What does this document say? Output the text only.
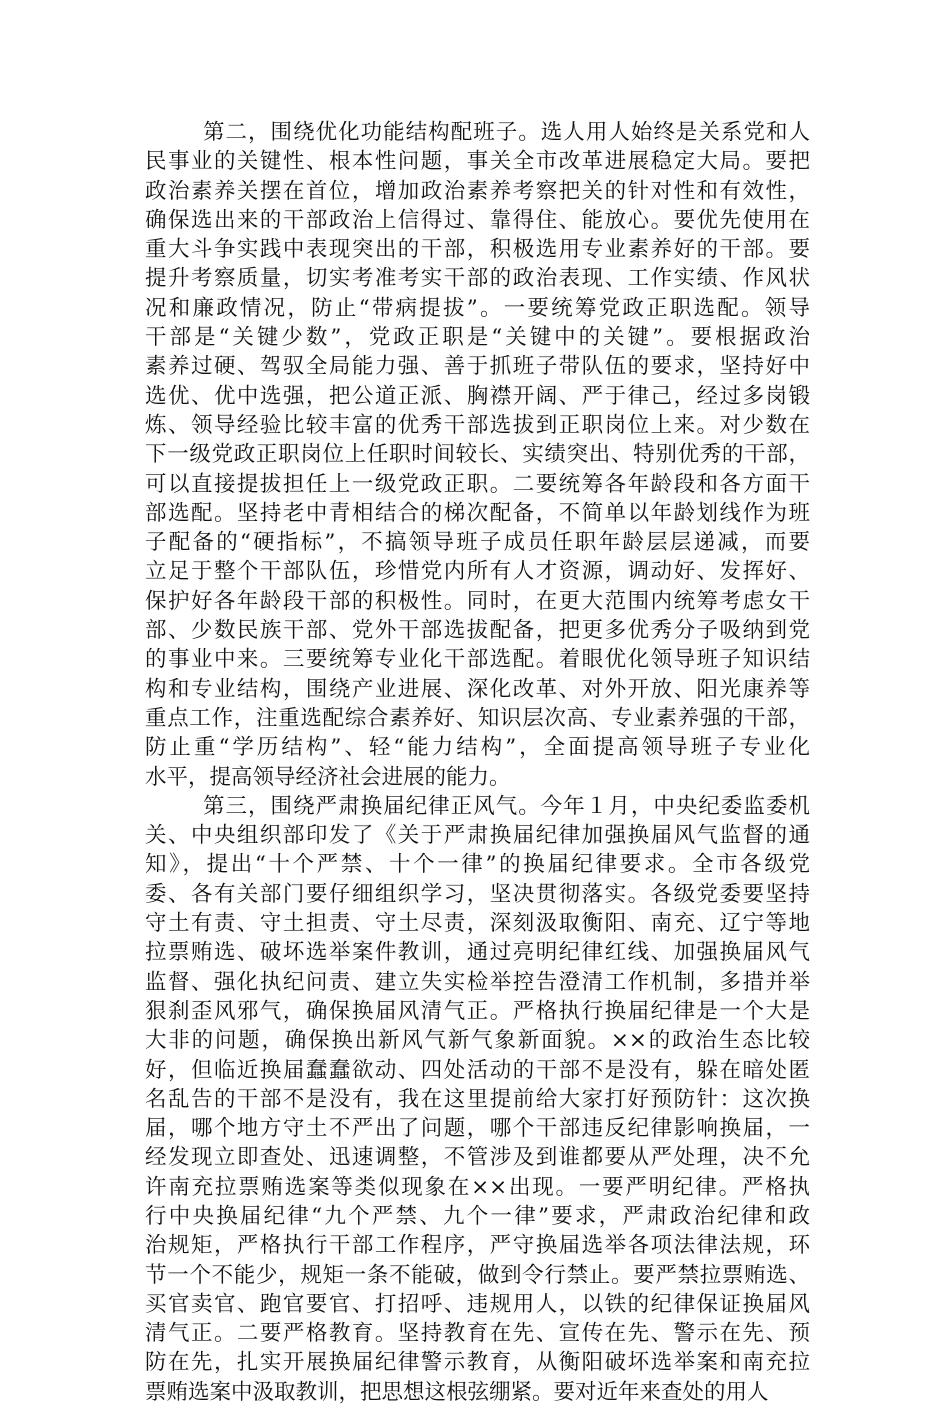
第二，围绕优化功能结构配班子。选人用人始终是关系党和人
民事业的关键性、根本性问题，事关全市改革进展稳定大局。要把
政治素养关摆在首位，增加政治素养考察把关的针对性和有效性，
确保选出来的干部政治上信得过、靠得住、能放心。要优先使用在
重大斗争实践中表现突出的干部，积极选用专业素养好的干部。要
提升考察质量，切实考准考实干部的政治表现、工作实绩、作风状
况和廉政情况，防止“带病提拔”。一要统筹党政正职选配。领导
干部是“关键少数”，党政正职是“关键中的关键”。要根据政治
素养过硬、驾驭全局能力强、善于抓班子带队伍的要求，坚持好中
选优、优中选强，把公道正派、胸襟开阔、严于律己，经过多岗锻
炼、领导经验比较丰富的优秀干部选拔到正职岗位上来。对少数在
下一级党政正职岗位上任职时间较长、实绩突出、特别优秀的干部，
可以直接提拔担任上一级党政正职。二要统筹各年龄段和各方面干
部选配。坚持老中青相结合的梯次配备，不简单以年龄划线作为班
子配备的“硬指标”，不搞领导班子成员任职年龄层层递减，而要
立足于整个干部队伍，珍惜党内所有人才资源，调动好、发挥好、
保护好各年龄段干部的积极性。同时，在更大范围内统筹考虑女干
部、少数民族干部、党外干部选拔配备，把更多优秀分子吸纳到党
的事业中来。三要统筹专业化干部选配。着眼优化领导班子知识结
构和专业结构，围绕产业进展、深化改革、对外开放、阳光康养等
重点工作，注重选配综合素养好、知识层次高、专业素养强的干部，
防止重“学历结构”、轻“能力结构”，全面提高领导班子专业化
水平，提高领导经济社会进展的能力。
第三，围绕严肃换届纪律正风气。今年１月，中央纪委监委机
关、中央组织部印发了《关于严肃换届纪律加强换届风气监督的通
知》，提出“十个严禁、十个一律”的换届纪律要求。全市各级党
委、各有关部门要仔细组织学习，坚决贯彻落实。各级党委要坚持
守土有责、守土担责、守土尽责，深刻汲取衡阳、南充、辽宁等地
拉票贿选、破坏选举案件教训，通过亮明纪律红线、加强换届风气
监督、强化执纪问责、建立失实检举控告澄清工作机制，多措并举
狠刹歪风邪气，确保换届风清气正。严格执行换届纪律是一个大是
大非的问题，确保换出新风气新气象新面貌。××的政治生态比较
好，但临近换届蠢蠢欲动、四处活动的干部不是没有，躲在暗处匿
名乱告的干部不是没有，我在这里提前给大家打好预防针：这次换
届，哪个地方守土不严出了问题，哪个干部违反纪律影响换届，一
经发现立即查处、迅速调整，不管涉及到谁都要从严处理，决不允
许南充拉票贿选案等类似现象在××出现。一要严明纪律。严格执
行中央换届纪律“九个严禁、九个一律”要求，严肃政治纪律和政
治规矩，严格执行干部工作程序，严守换届选举各项法律法规，环
节一个不能少，规矩一条不能破，做到令行禁止。要严禁拉票贿选、
买官卖官、跑官要官、打招呼、违规用人，以铁的纪律保证换届风
清气正。二要严格教育。坚持教育在先、宣传在先、警示在先、预
防在先，扎实开展换届纪律警示教育，从衡阳破坏选举案和南充拉
票贿选案中汲取教训，把思想这根弦绷紧。要对近年来查处的用人
